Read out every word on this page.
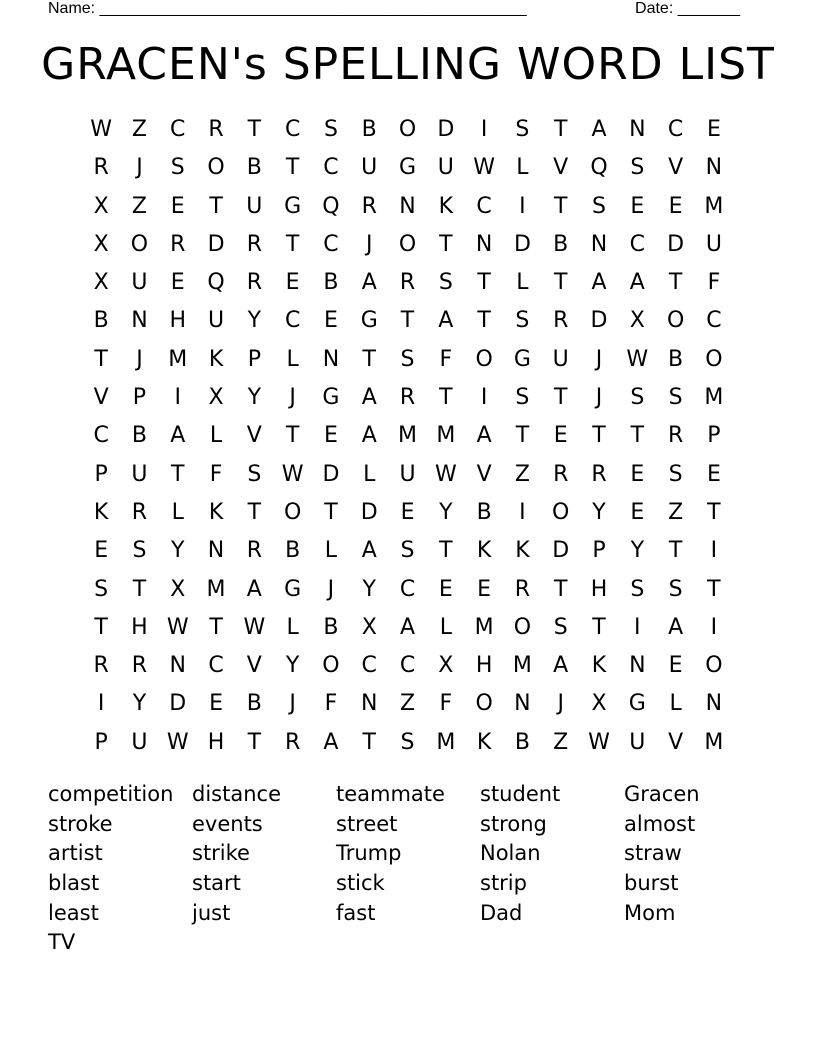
Name: ________________________________________________	Date: _______
GRACEN's SPELLING WORD LIST
W Z	C	R	T	C	S	B	O D	I	S	T	A	N	C	E
R	J	S	O	B	T	C	U G U W L	V	Q	S	V	N
X	Z	E	T	U G Q R	N	K	C	I	T	S	E	E M
X	O R	D	R	T	C	J	O	T	N D	B	N	C	D U
X	U	E	Q R	E	B	A	R	S	T	L	T	A	A	T	F
B	N H U	Y	C	E	G	T	A	T	S	R	D	X	O C
T	J	M K	P	L	N	T	S	F	O G U	J	W B	O
V	P	I	X	Y	J	G	A	R	T	I	S	T	J	S	S M
C	B	A	L	V	T	E	A M M A	T	E	T	T	R	P
P	U	T	F	S W D	L	U W V	Z	R	R	E	S	E
K	R	L	K	T	O	T	D	E	Y	B	I	O	Y	E	Z	T
E	S	Y	N	R	B	L	A	S	T	K	K	D	P	Y	T	I
S	T	X M A	G	J	Y	C	E	E	R	T	H	S	S	T
T	H W T W L	B	X	A	L	M O	S	T	I	A	I
R	R	N	C	V	Y	O C	C	X	H M A	K	N	E	O
I	Y	D	E	B	J	F	N	Z	F	O N	J	X	G	L	N
P	U W H	T	R	A	T	S M K	B	Z W U	V M
competition distance	teammate	student	Gracen
stroke	events	street	strong	almost
artist	strike	Trump	Nolan	straw
blast	start	stick	strip	burst
least	just	fast	Dad	Mom
TV
